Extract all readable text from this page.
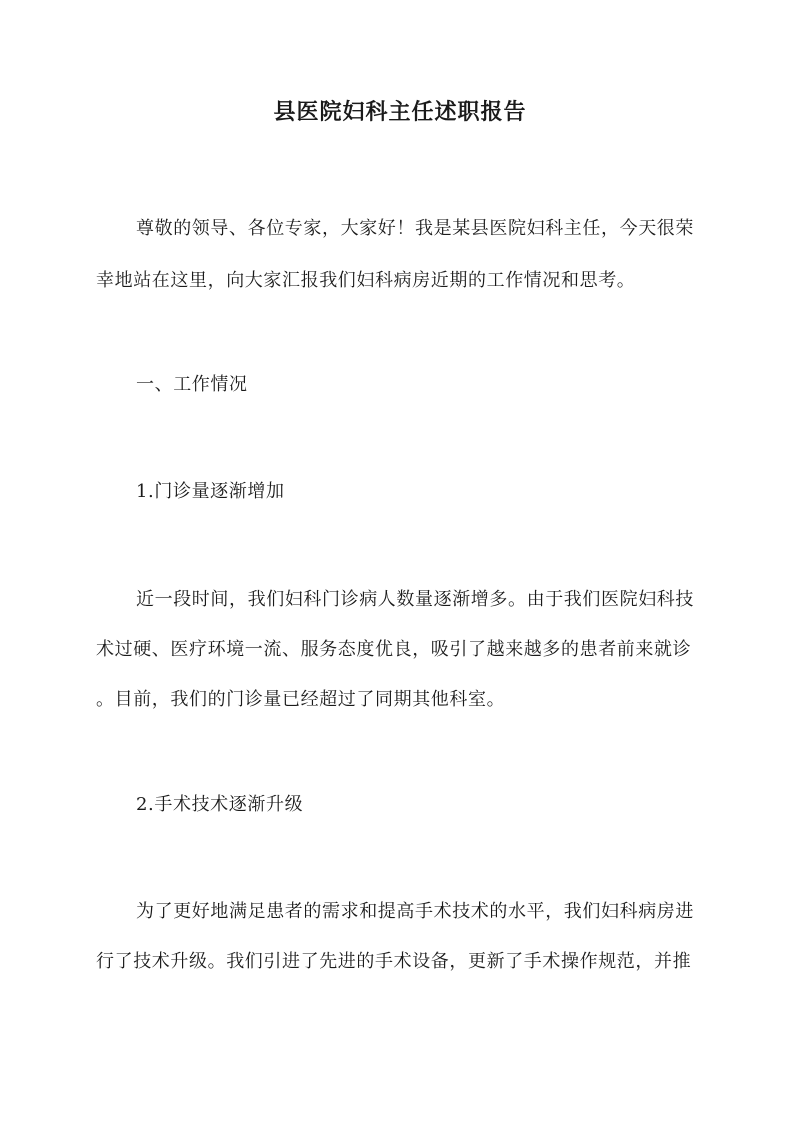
县医院妇科主任述职报告
尊敬的领导、各位专家，大家好！我是某县医院妇科主任，今天很荣
幸地站在这里，向大家汇报我们妇科病房近期的工作情况和思考。
一、工作情况
1.门诊量逐渐增加
近一段时间，我们妇科门诊病人数量逐渐增多。由于我们医院妇科技
术过硬、医疗环境一流、服务态度优良，吸引了越来越多的患者前来就诊
。目前，我们的门诊量已经超过了同期其他科室。
2.手术技术逐渐升级
为了更好地满足患者的需求和提高手术技术的水平，我们妇科病房进
行了技术升级。我们引进了先进的手术设备，更新了手术操作规范，并推
